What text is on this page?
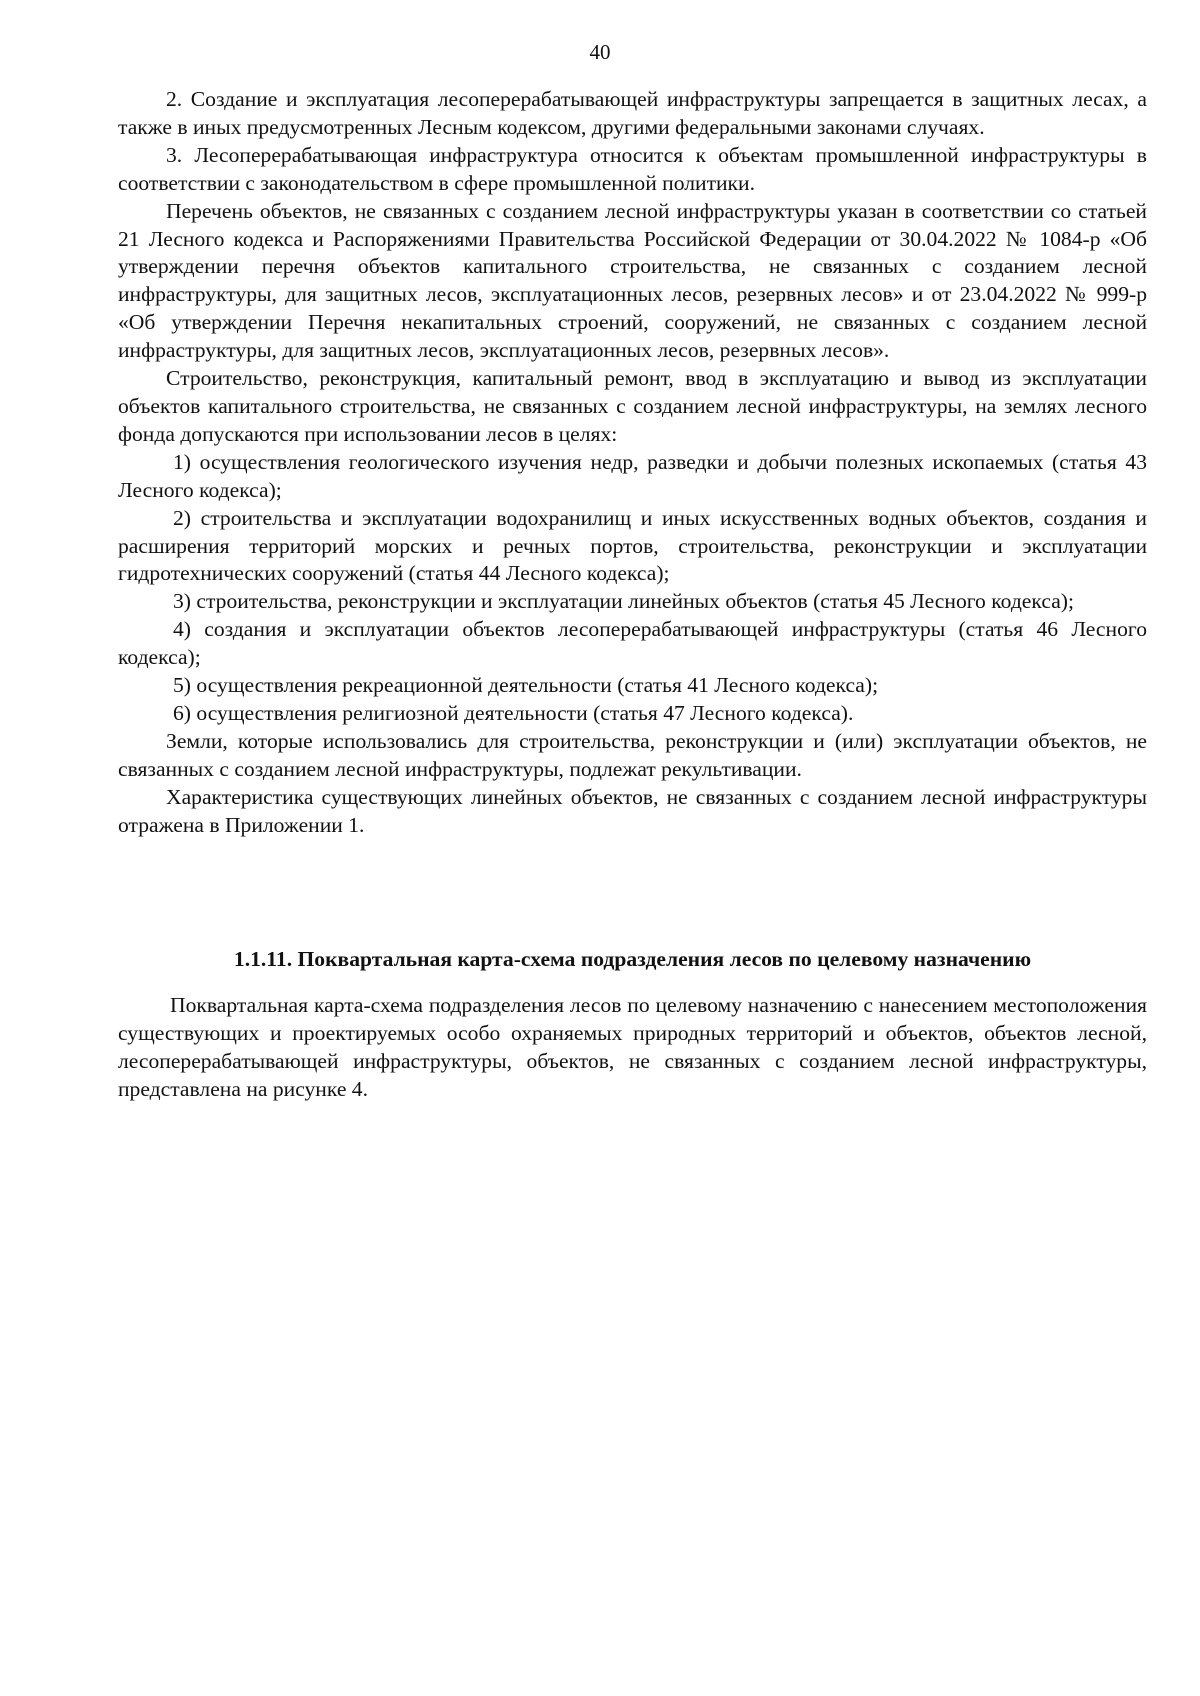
40

2. Создание и эксплуатация лесоперерабатывающей инфраструктуры запрещается в защитных лесах, а также в иных предусмотренных Лесным кодексом, другими федеральными законами случаях.

3. Лесоперерабатывающая инфраструктура относится к объектам промышленной инфраструктуры в соответствии с законодательством в сфере промышленной политики.

Перечень объектов, не связанных с созданием лесной инфраструктуры указан в соответствии со статьей 21 Лесного кодекса и Распоряжениями Правительства Российской Федерации от 30.04.2022 № 1084-р «Об утверждении перечня объектов капитального строительства, не связанных с созданием лесной инфраструктуры, для защитных лесов, эксплуатационных лесов, резервных лесов» и от 23.04.2022 № 999-р «Об утверждении Перечня некапитальных строений, сооружений, не связанных с созданием лесной инфраструктуры, для защитных лесов, эксплуатационных лесов, резервных лесов».

Строительство, реконструкция, капитальный ремонт, ввод в эксплуатацию и вывод из эксплуатации объектов капитального строительства, не связанных с созданием лесной инфраструктуры, на землях лесного фонда допускаются при использовании лесов в целях:

1) осуществления геологического изучения недр, разведки и добычи полезных ископаемых (статья 43 Лесного кодекса);

2) строительства и эксплуатации водохранилищ и иных искусственных водных объектов, создания и расширения территорий морских и речных портов, строительства, реконструкции и эксплуатации гидротехнических сооружений (статья 44 Лесного кодекса);

3) строительства, реконструкции и эксплуатации линейных объектов (статья 45 Лесного кодекса);

4) создания и эксплуатации объектов лесоперерабатывающей инфраструктуры (статья 46 Лесного кодекса);

5) осуществления рекреационной деятельности (статья 41 Лесного кодекса);

6) осуществления религиозной деятельности (статья 47 Лесного кодекса).

Земли, которые использовались для строительства, реконструкции и (или) эксплуатации объектов, не связанных с созданием лесной инфраструктуры, подлежат рекультивации.

Характеристика существующих линейных объектов, не связанных с созданием лесной инфраструктуры отражена в Приложении 1.

1.1.11. Поквартальная карта-схема подразделения лесов по целевому назначению

Поквартальная карта-схема подразделения лесов по целевому назначению с нанесением местоположения существующих и проектируемых особо охраняемых природных территорий и объектов, объектов лесной, лесоперерабатывающей инфраструктуры, объектов, не связанных с созданием лесной инфраструктуры, представлена на рисунке 4.
